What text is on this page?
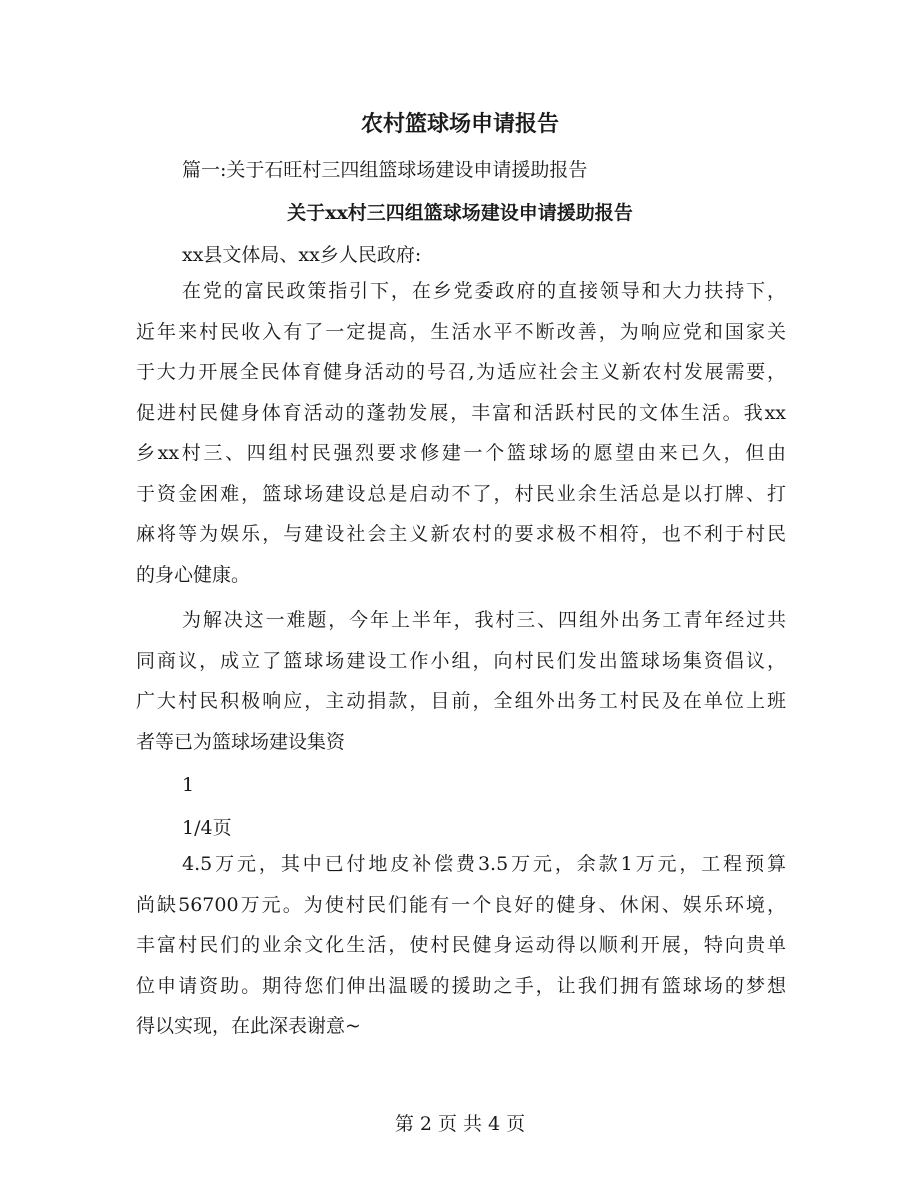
农村篮球场申请报告

篇一:关于石旺村三四组篮球场建设申请援助报告

关于xx村三四组篮球场建设申请援助报告

xx县文体局、xx乡人民政府:

在党的富民政策指引下，在乡党委政府的直接领导和大力扶持下，
近年来村民收入有了一定提高，生活水平不断改善，为响应党和国家关
于大力开展全民体育健身活动的号召,为适应社会主义新农村发展需要，
促进村民健身体育活动的蓬勃发展，丰富和活跃村民的文体生活。我xx
乡xx村三、四组村民强烈要求修建一个篮球场的愿望由来已久，但由
于资金困难，篮球场建设总是启动不了，村民业余生活总是以打牌、打
麻将等为娱乐，与建设社会主义新农村的要求极不相符，也不利于村民
的身心健康。
为解决这一难题，今年上半年，我村三、四组外出务工青年经过共
同商议，成立了篮球场建设工作小组，向村民们发出篮球场集资倡议，
广大村民积极响应，主动捐款，目前，全组外出务工村民及在单位上班
者等已为篮球场建设集资

1

1/4页

4.5万元，其中已付地皮补偿费3.5万元，余款1万元，工程预算
尚缺56700万元。为使村民们能有一个良好的健身、休闲、娱乐环境，
丰富村民们的业余文化生活，使村民健身运动得以顺利开展，特向贵单
位申请资助。期待您们伸出温暖的援助之手，让我们拥有篮球场的梦想
得以实现，在此深表谢意~

第 2 页 共 4 页
